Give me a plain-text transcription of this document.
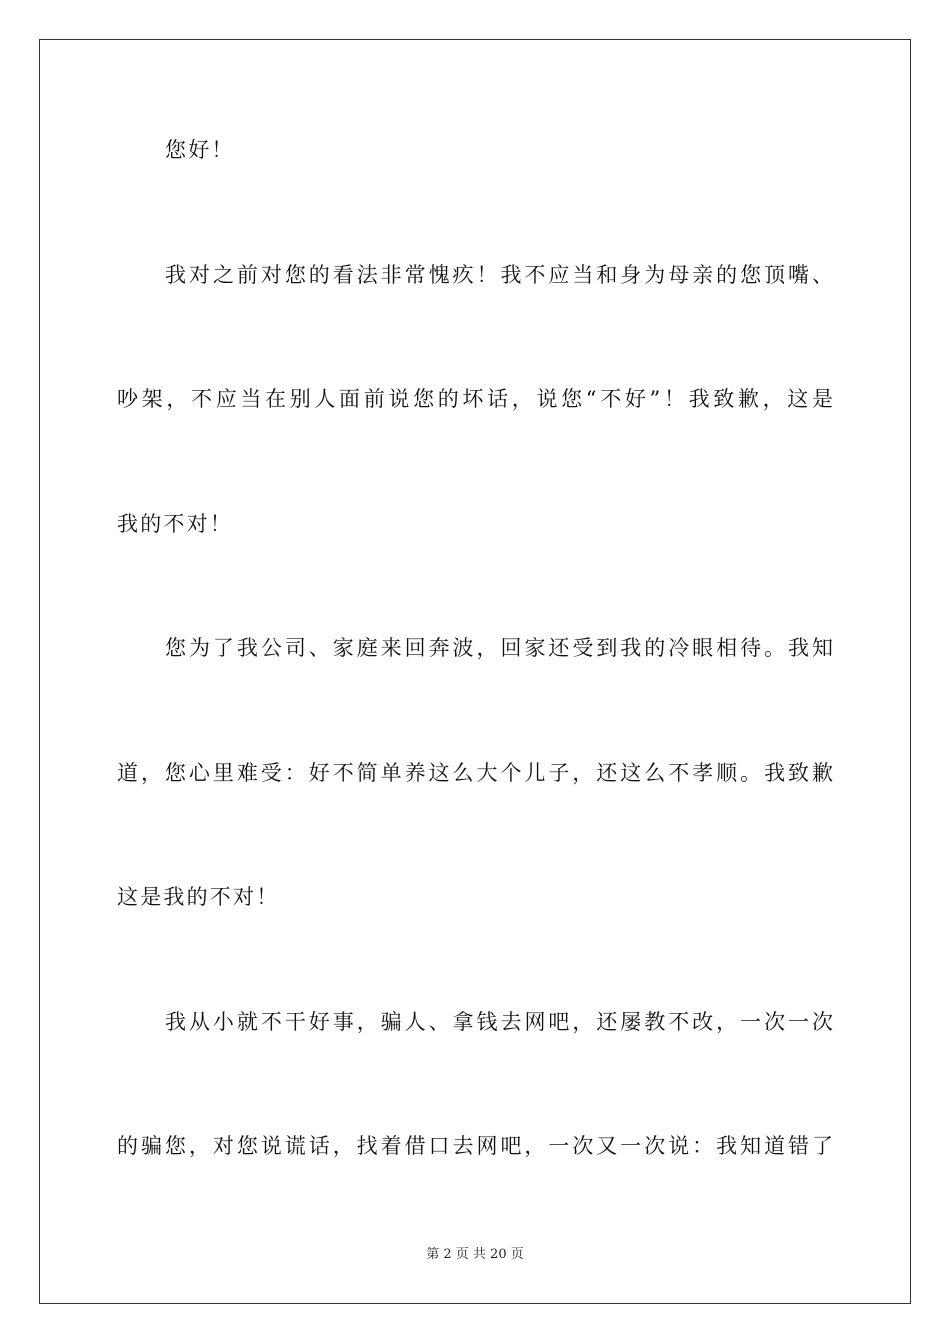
您好！
我对之前对您的看法非常愧疚！我不应当和身为母亲的您顶嘴、
吵架，不应当在别人面前说您的坏话，说您“不好”！我致歉，这是
我的不对！
您为了我公司、家庭来回奔波，回家还受到我的冷眼相待。我知
道，您心里难受：好不简单养这么大个儿子，还这么不孝顺。我致歉
这是我的不对！
我从小就不干好事，骗人、拿钱去网吧，还屡教不改，一次一次
的骗您，对您说谎话，找着借口去网吧，一次又一次说：我知道错了
第 2 页 共 20 页
